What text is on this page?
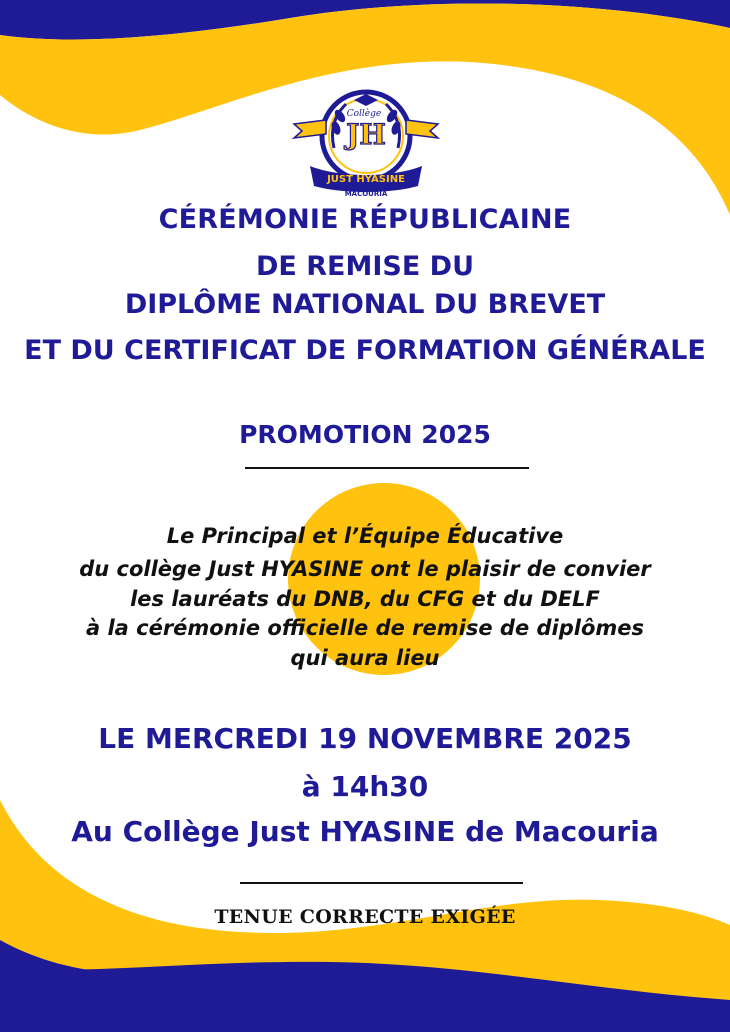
JH
Collège
JUST HYASINE
MACOURIA
CÉRÉMONIE RÉPUBLICAINE
DE REMISE DU
DIPLÔME NATIONAL DU BREVET
ET DU CERTIFICAT DE FORMATION GÉNÉRALE
PROMOTION 2025
Le Principal et l’Équipe Éducative
du collège Just HYASINE ont le plaisir de convier
les lauréats du DNB, du CFG et du DELF
à la cérémonie officielle de remise de diplômes
qui aura lieu
LE MERCREDI 19 NOVEMBRE 2025
à 14h30
Au Collège Just HYASINE de Macouria
TENUE CORRECTE EXIGÉE
